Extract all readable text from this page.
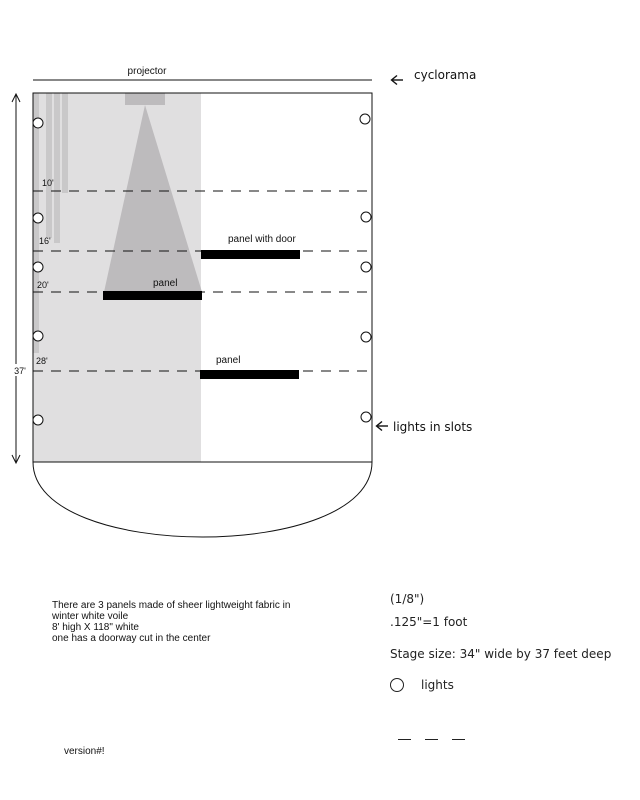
projector	cyclorama
37'
10'
16'
20'
28'
panel with door
panel
panel
lights in slots
There are 3 panels made of sheer lightweight fabric in
winter white voile
8' high X 118" white
one has a doorway cut in the center
version#!
(1/8")
.125"=1 foot
Stage size: 34" wide by 37 feet deep
lights
